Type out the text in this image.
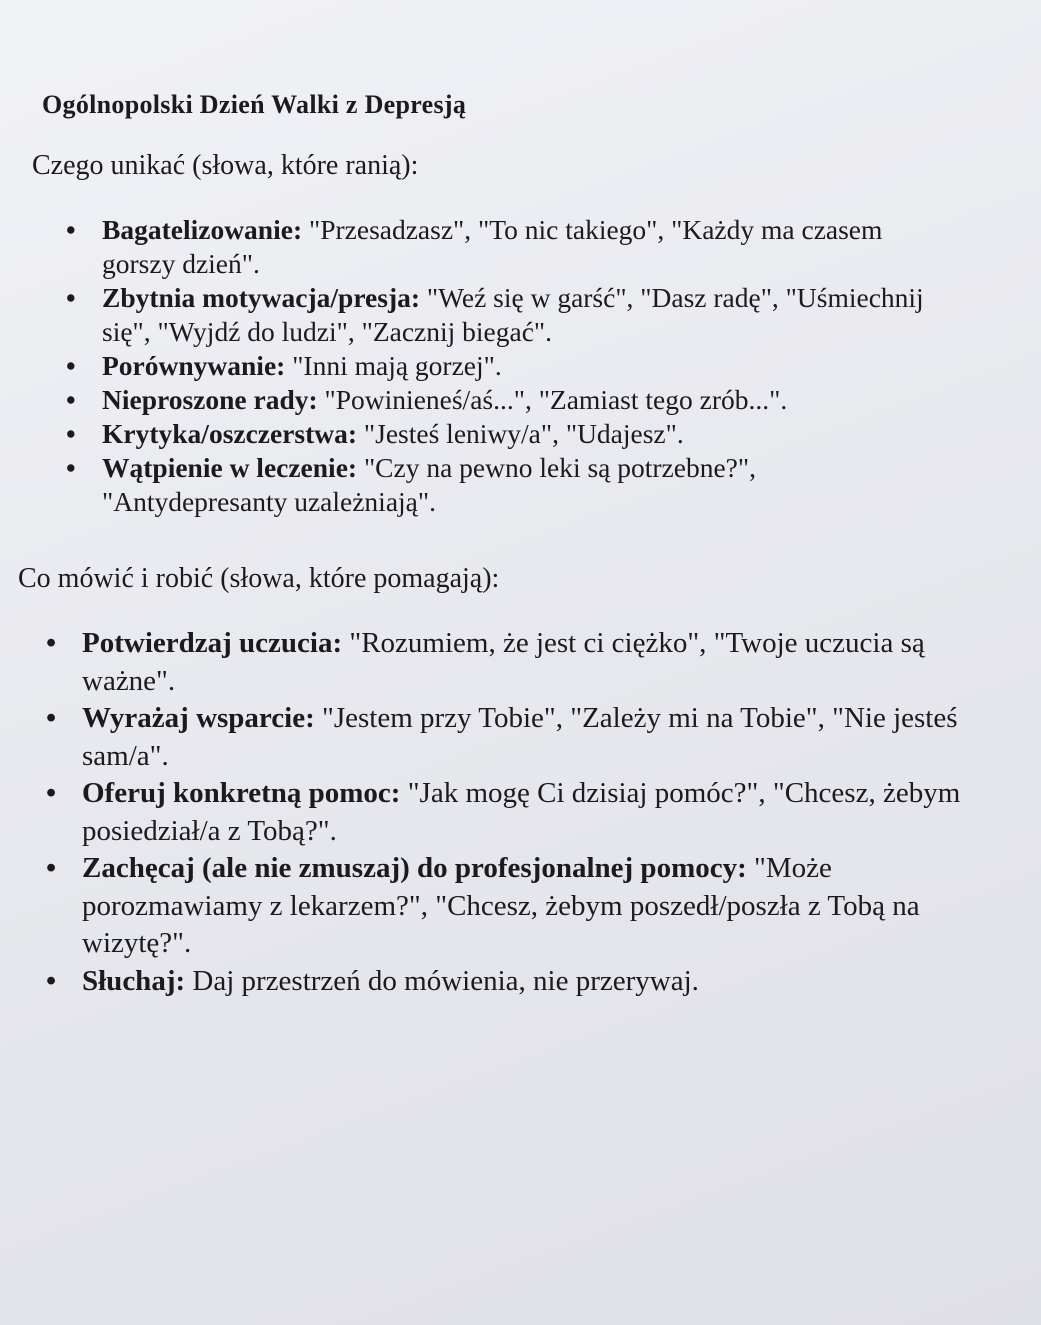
Ogólnopolski Dzień Walki z Depresją

Czego unikać (słowa, które ranią):

• Bagatelizowanie: "Przesadzasz", "To nic takiego", "Każdy ma czasem gorszy dzień".
• Zbytnia motywacja/presja: "Weź się w garść", "Dasz radę", "Uśmiechnij się", "Wyjdź do ludzi", "Zacznij biegać".
• Porównywanie: "Inni mają gorzej".
• Nieproszone rady: "Powinieneś/aś...", "Zamiast tego zrób...".
• Krytyka/oszczerstwa: "Jesteś leniwy/a", "Udajesz".
• Wątpienie w leczenie: "Czy na pewno leki są potrzebne?", "Antydepresanty uzależniają".

Co mówić i robić (słowa, które pomagają):

• Potwierdzaj uczucia: "Rozumiem, że jest ci ciężko", "Twoje uczucia są ważne".
• Wyrażaj wsparcie: "Jestem przy Tobie", "Zależy mi na Tobie", "Nie jesteś sam/a".
• Oferuj konkretną pomoc: "Jak mogę Ci dzisiaj pomóc?", "Chcesz, żebym posiedział/a z Tobą?".
• Zachęcaj (ale nie zmuszaj) do profesjonalnej pomocy: "Może porozmawiamy z lekarzem?", "Chcesz, żebym poszedł/poszła z Tobą na wizytę?".
• Słuchaj: Daj przestrzeń do mówienia, nie przerywaj.
